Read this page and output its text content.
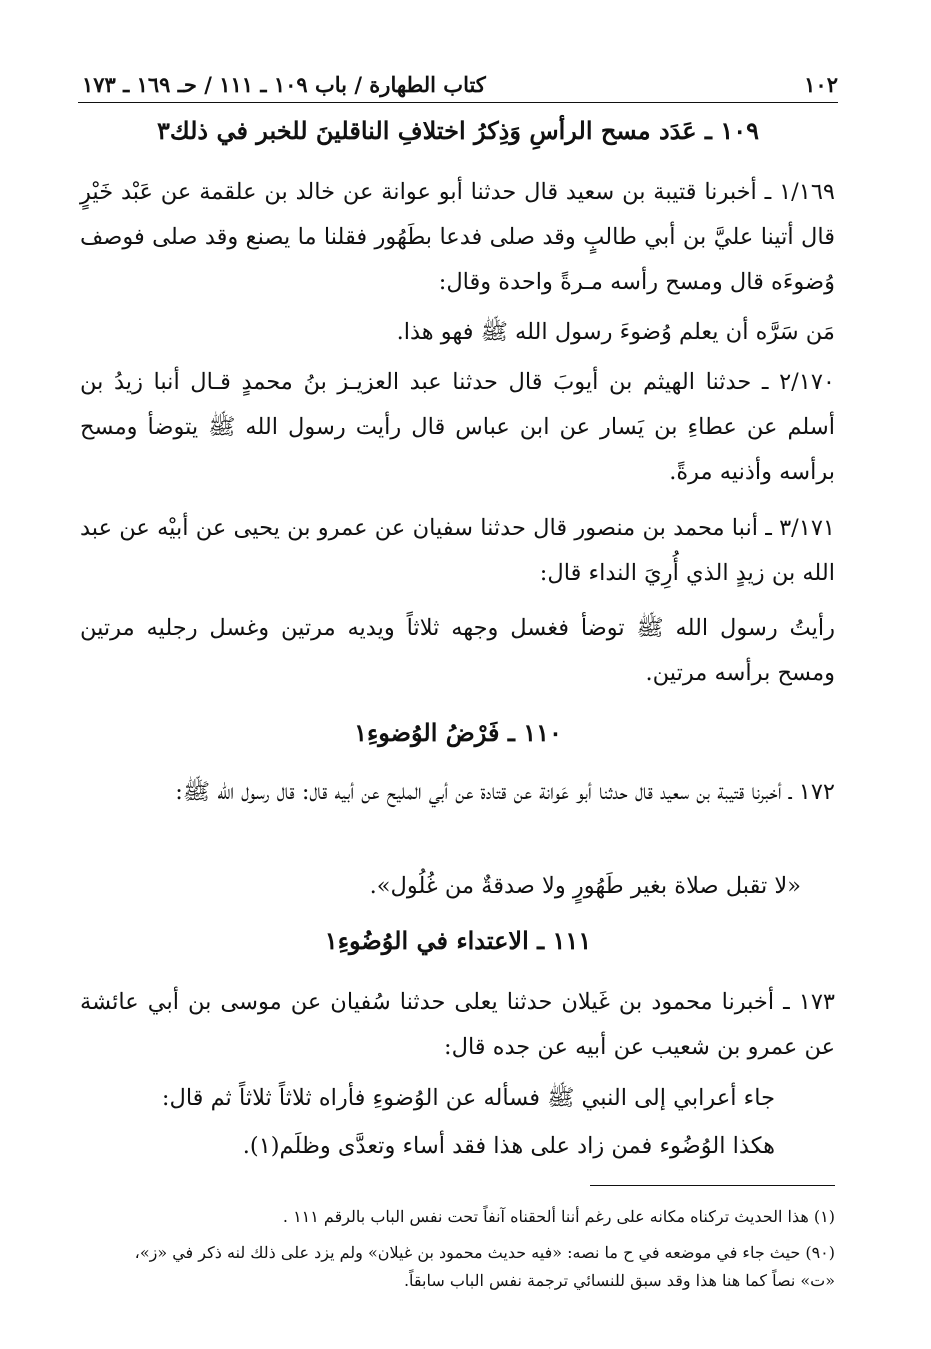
١٠٢
كتاب الطهارة / باب ١٠٩ ـ ١١١ / حـ ١٦٩ ـ ١٧٣
١٠٩ ـ عَدَد مسح الرأسِ وَذِكرُ اختلافِ الناقلينَ للخبر في ذلك٣

١/١٦٩ ـ أخبرنا قتيبة بن سعيد قال حدثنا أبو عوانة عن خالد بن علقمة عن عَبْد خَيْرٍ قال أتينا عليَّ بن أبي طالبٍ وقد صلى فدعا بطَهُور فقلنا ما يصنع وقد صلى فوصف وُضوءَه قال ومسح رأسه مـرةً واحدة وقال:

مَن سَرَّه أن يعلم وُضوءَ رسول الله ﷺ فهو هذا.

٢/١٧٠ ـ حدثنا الهيثم بن أيوبَ قال حدثنا عبد العزيـز بنُ محمدٍ قـال أنبا زيدُ بن أسلم عن عطاءِ بن يَسار عن ابن عباس قال رأيت رسول الله ﷺ يتوضأ ومسح برأسه وأذنيه مرةً.

٣/١٧١ ـ أنبا محمد بن منصور قال حدثنا سفيان عن عمرو بن يحيى عن أبيْه عن عبد الله بن زيدٍ الذي أُرِيَ النداء قال:

رأيتُ رسول الله ﷺ توضأ فغسل وجهه ثلاثاً ويديه مرتين وغسل رجليه مرتين ومسح برأسه مرتين.

١١٠ ـ فَرْضُ الوُضوءِ١

١٧٢ ـ أخبرنا قتيبة بن سعيد قال حدثنا أبو عَوانة عن قتادة عن أبي المليح عن أبيه قال: قال رسول الله ﷺ:

«لا تقبل صلاة بغير طَهُورٍ ولا صدقةٌ من غُلُول».

١١١ ـ الاعتداء في الوُضُوءِ١

١٧٣ ـ أخبرنا محمود بن غَيلان حدثنا يعلى حدثنا سُفيان عن موسى بن أبي عائشة عن عمرو بن شعيب عن أبيه عن جده قال:

جاء أعرابي إلى النبي ﷺ فسأله عن الوُضوءِ فأراه ثلاثاً ثلاثاً ثم قال:

هكذا الوُضُوء فمن زاد على هذا فقد أساء وتعدَّى وظلَم(١).

(١) هذا الحديث تركناه مكانه على رغم أننا ألحقناه آنفاً تحت نفس الباب بالرقم ١١١ .
(٩٠) حيث جاء في موضعه في ح ما نصه: «فيه حديث محمود بن غيلان» ولم يزد على ذلك لنه ذكر في «ز»،
«ت» نصاً كما هنا هذا وقد سبق للنسائي ترجمة نفس الباب سابقاً.
